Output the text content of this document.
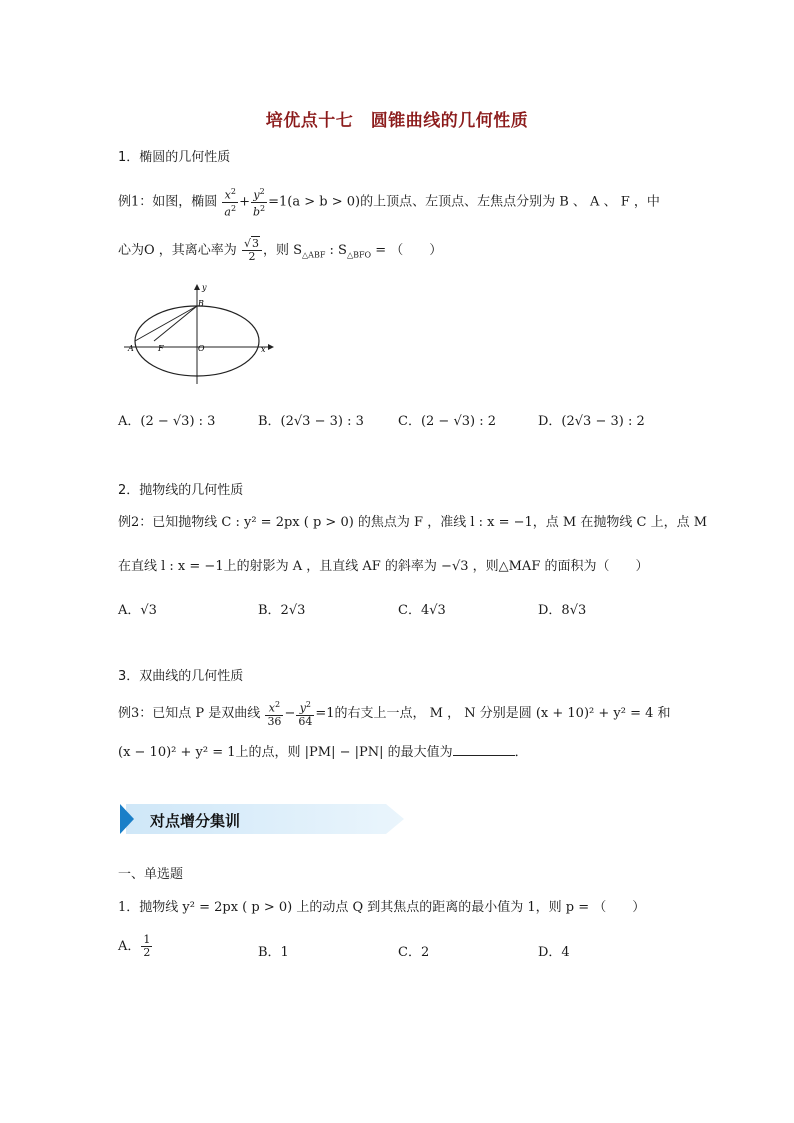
培优点十七　圆锥曲线的几何性质
1．椭圆的几何性质
例1：如图，椭圆 $\frac{x^2}{a^2} + \frac{y^2}{b^2} =1(a > b > 0)$的上顶点、左顶点、左焦点分别为 B 、 A 、 F ，中
心为O ，其离心率为 $\frac{√3}{2}$ ，则 $S_{\triangle ABF}$ : $S_{\triangle BFO}$ = （　　）
y
B
A	F	O	x
A．(2 − √3) : 3	B．(2√3 − 3) : 3	C．(2 − √3) : 2	D．(2√3 − 3) : 2
2．抛物线的几何性质
例2：已知抛物线 C : y² = 2px ( p > 0) 的焦点为 F ，准线 l : x = −1，点 M 在抛物线 C 上，点 M
在直线 l : x = −1上的射影为 A ，且直线 AF 的斜率为 −√3 ，则△MAF 的面积为（　　）
A．√3	B．2√3	C．4√3	D．8√3
3．双曲线的几何性质
例3：已知点 P 是双曲线 $\frac{x^2}{36} - \frac{y^2}{64} =1$的右支上一点， M ， N 分别是圆 (x + 10)² + y² = 4 和
(x − 10)² + y² = 1上的点，则 |PM| − |PN| 的最大值为	．
对点增分集训
一、单选题
1．抛物线 y² = 2px ( p > 0) 上的动点 Q 到其焦点的距离的最小值为 1，则 p = （　　）
A． $\frac{1}{2}$	B．1	C．2	D．4
